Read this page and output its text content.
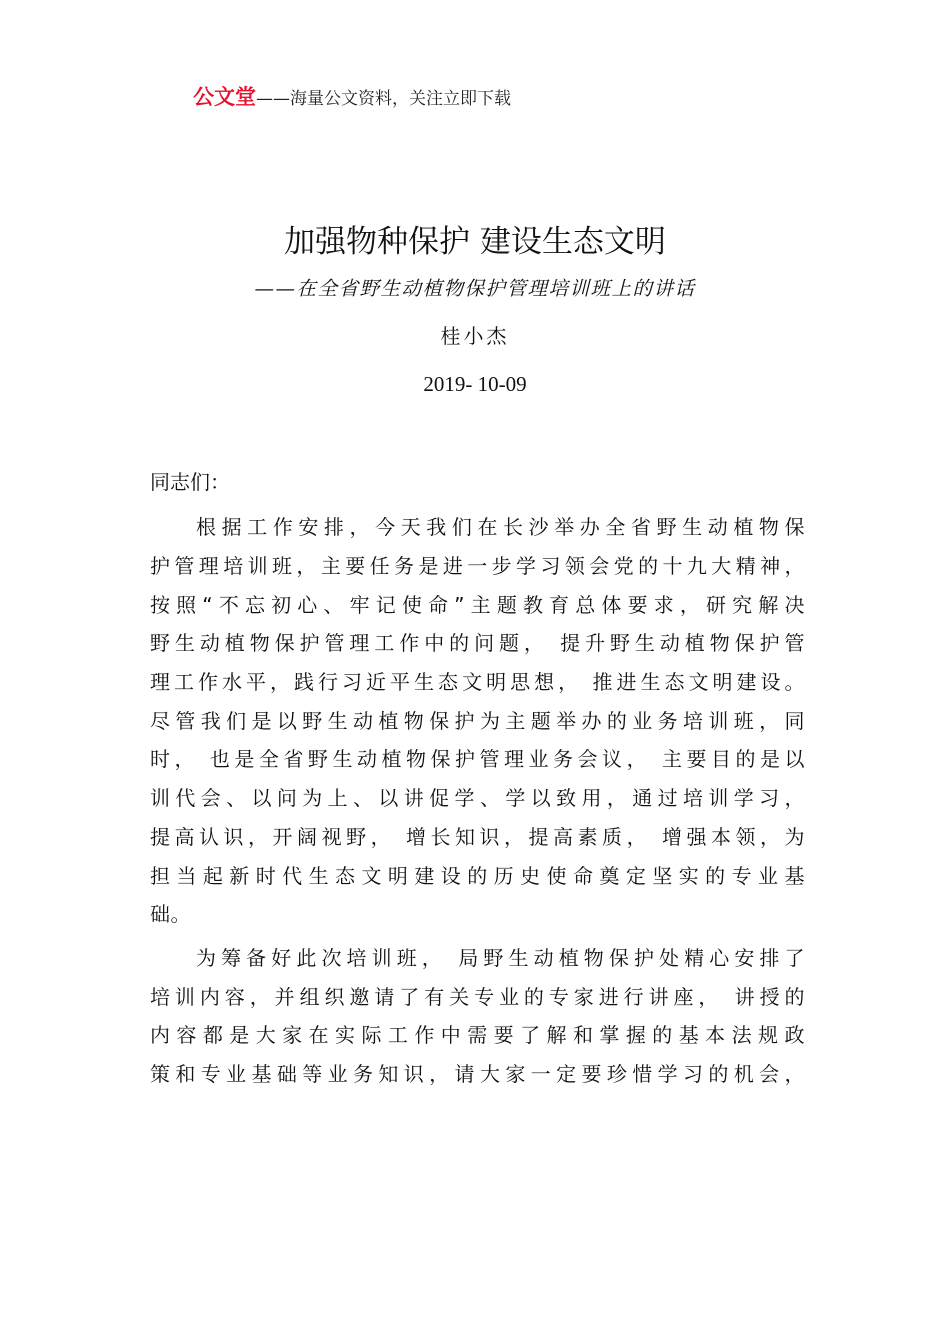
公文堂——海量公文资料，关注立即下载
加强物种保护 建设生态文明
——在全省野生动植物保护管理培训班上的讲话
桂小杰
2019- 10-09
同志们：
根据工作安排，今天我们在长沙举办全省野生动植物保
护管理培训班，主要任务是进一步学习领会党的十九大精神，
按照“不忘初心、牢记使命”主题教育总体要求，研究解决
野生动植物保护管理工作中的问题， 提升野生动植物保护管
理工作水平，践行习近平生态文明思想， 推进生态文明建设。
尽管我们是以野生动植物保护为主题举办的业务培训班，同
时， 也是全省野生动植物保护管理业务会议， 主要目的是以
训代会、以问为上、以讲促学、学以致用，通过培训学习，
提高认识，开阔视野， 增长知识，提高素质， 增强本领，为
担当起新时代生态文明建设的历史使命奠定坚实的专业基
础。
为筹备好此次培训班， 局野生动植物保护处精心安排了
培训内容，并组织邀请了有关专业的专家进行讲座， 讲授的
内容都是大家在实际工作中需要了解和掌握的基本法规政
策和专业基础等业务知识，请大家一定要珍惜学习的机会，
